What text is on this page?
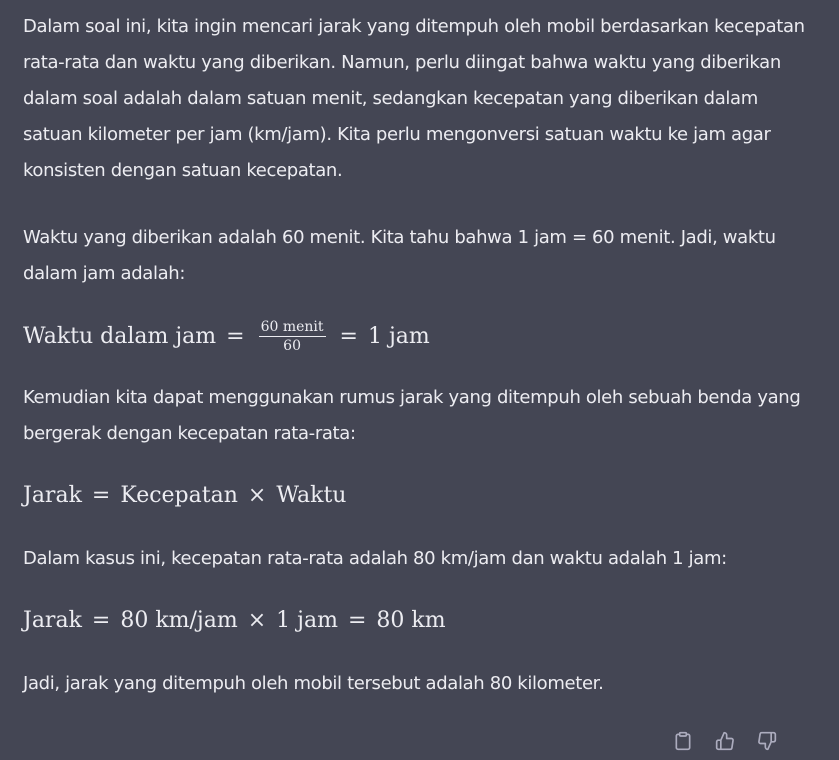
Dalam soal ini, kita ingin mencari jarak yang ditempuh oleh mobil berdasarkan kecepatan rata-rata dan waktu yang diberikan. Namun, perlu diingat bahwa waktu yang diberikan dalam soal adalah dalam satuan menit, sedangkan kecepatan yang diberikan dalam satuan kilometer per jam (km/jam). Kita perlu mengonversi satuan waktu ke jam agar konsisten dengan satuan kecepatan.

Waktu yang diberikan adalah 60 menit. Kita tahu bahwa 1 jam = 60 menit. Jadi, waktu dalam jam adalah:

Waktu dalam jam = $\frac{\text{60 menit}}{60} = 1$ jam

Kemudian kita dapat menggunakan rumus jarak yang ditempuh oleh sebuah benda yang bergerak dengan kecepatan rata-rata:

Jarak = Kecepatan × Waktu

Dalam kasus ini, kecepatan rata-rata adalah 80 km/jam dan waktu adalah 1 jam:

Jarak = 80 km/jam × 1 jam = 80 km

Jadi, jarak yang ditempuh oleh mobil tersebut adalah 80 kilometer.
